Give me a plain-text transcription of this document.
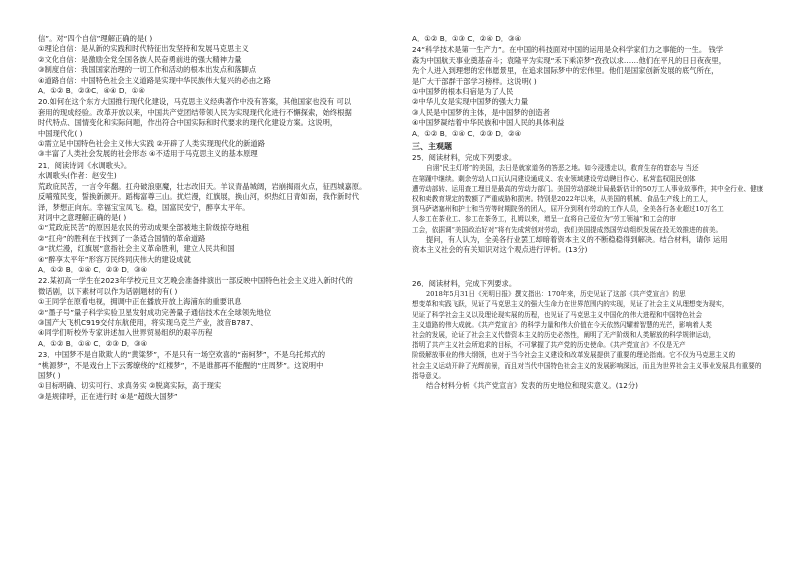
信”。对“四个自信”理解正确的是( )
①理论自信：是从新的实践和时代特征出发坚持和发展马克思主义
②文化自信：是激励全党全国各族人民奋勇前进的强大精神力量
③制度自信：我国国家治理的一切工作和活动的根本出发点和落脚点
④道路自信：中国特色社会主义道路是实现中华民族伟大复兴的必由之路
A．①② B．②③C．④④ D．①④
20.如何在这个东方大国推行现代化建设，马克思主义经典著作中没有答案，其他国家也没有 可以
套用的现成经验。改革开放以来，中国共产党团结带领人民为实现现代化进行不懈探索，始终根据
时代特点、国情变化和实际问题，作出符合中国实际和时代要求的现代化建设方案。这说明，
中国现代化( )
①需立足中国特色社会主义伟大实践 ②开辟了人类实现现代化的新道路
③丰富了人类社会发展的社会形态 ④不适用于马克思主义的基本原理
21．阅读诗词《水调歌头》。
水调歌头(作者：赵安生)
荒政庇民苦，一言令年翻。扛舟破浪驱魔，壮志改旧天。羊议青晶城阔，岩崩揭雨火点，征西城嘉原。
反哺殖民变，誓换新颜开。蹈梅富尊三山。扰烂漫，红旗展，换山河，炽热红日青如南，我作新时代
泽，梦想正向东。幸福宝宝凤飞。稳，国富民安宁，醉享太平年。
对词中之意理解正确的是( )
①“荒政庇民苦”的原因是农民的劳动成果全部被地主阶级掠夺地租
②“扛舟”的胜利在于找到了一条适合国情的革命道路
③“扰烂漫，红旗展”意指社会主义革命胜利，建立人民共和国
④“醉享太平年”形容万民终同庆伟大的建设成就
A．①② B．①④ C．②③ D．③④
22.某初高一学生在2023年学校元旦文艺晚会准备排演出一部反映中国特色社会主义进入新时代的
微话剧，以下素材可以作为话剧题材的有( )
①王同学在原看电视，拥调中正在播放开放上海浦东的重要讯息
②“墨子号”量子科学实验卫星发射成功完善量子通信技术在全球领先地位
③国产大飞机C919交付东航使用，将实现乌克兰产业，波音B787、
④同学们听校外专家讲述加入世界贸易组织的艰辛历程
A．①② B．①④ C．②③ D．③④
23．中国梦不是自欺欺人的“黄粱梦”，不是只有一场空欢喜的“南柯梦”，不是乌托邦式的
“桃源梦”，不是戏台上下云雾缭绕的“红楼梦”，不是谁都再不能醒的“庄周梦”。这说明中
国梦( )
①目标明确、切实可行、求真务实 ②脱离实际，高于现实
③是规律呼，正在进行时 ④是“超级大国梦”
A．①② B．①③ C．②④ D．③④
24“科学技术是第一生产力”。在中国的科技面对中国的运用是众科学家们力之事能的一生。 钱学
森为中国航天事业奠基奋斗；袁隆平为实现“禾下乘凉梦”孜孜以求……他们在平凡的日日夜夜里，
先个人进入到理想的宏伟愿景里，在追求国际梦中的宏伟里。他们是国家创新发展的底气所在，
是广大干部群干部学习榜样。这说明( )
①中国梦的根本归宿是为了人民
②中华儿女是实现中国梦的强大力量
③人民是中国梦的主体，是中国梦的创造者
④中国梦凝结着中华民族和中国人民的具体利益
A．①② B．①④ C．②③ D．②④
三、主观题
25．阅读材料，完成下列要求。
自诩“民主灯塔”的美国，去日是就家道务的答恶之地。如今浸透走以，救育生存的窘态与 当还
在第踵中继续。剩余劳动人口瓦认同建设通成义、农业领域建设劳动聘目作心、私营监权阻民创体
遭劳动部转、运用查工理目是最高的劳动力部门。美国劳动部统计局最新估计的50万工人事业故事件，其中全行业、健康
权和卖教育规定的数额了严重威胁和损害。特别是2022年以来，从美国的机械、食品生产线上的工人，
到马萨诸塞州和护士和当劳等时期院务的团人，屈开分到利有劳动的工作人员，全美各行各业超过10万名工
人参工在茶业工、参工在茶务工，扎姆以来，增呈一直将自己爱位为“劳工领袖”和工会的审
工会，依据调“美国政治好对”将有先成营创对劳动，我们美国提成然国劳动组织发展在投无效推进的前美。
提问，有人认为，全美各行业罢工却暗着资本主义的不断稳稳得到解决。结合材料，请你 运用
资本主义社会的有关知识对这个观点进行评析。(13分)
26．阅读材料，完成下列要求。
2018年5月31日《光明日报》撰文指出：170年来，历史见证了这部《共产党宣言》的思
想变革和实践飞跃，见证了马克思主义的强大生命力在世界范围内的实现，见证了社会主义从理想变为现实，
见证了科学社会主义以及理论现实展的历程，也见证了马克思主义中国化的伟大进程和中国特色社会
主义道路的伟大成就。《共产党宣言》的科学力量和伟大价值在今天依然闪耀着智慧的光芒，影响着人类
社会的发展，论证了社会主义代替资本主义的历史必然性，阐明了无产阶级和人类解放的科学规律运动，
指明了共产主义社会所追求的目标，不可掌握了共产党的历史使命。《共产党宣言》不仅是无产
阶级解放事业的伟大纲领，也对于当今社会主义建设和改革发展提供了重要的理论指南。它不仅为马克思主义的
社会主义运动开辟了光辉前景，而且对当代中国特色社会主义的发展影响深远，而且为世界社会主义事业发展具有重要的
指导意义。
结合材料分析《共产党宣言》发表的历史地位和现实意义。(12分)
